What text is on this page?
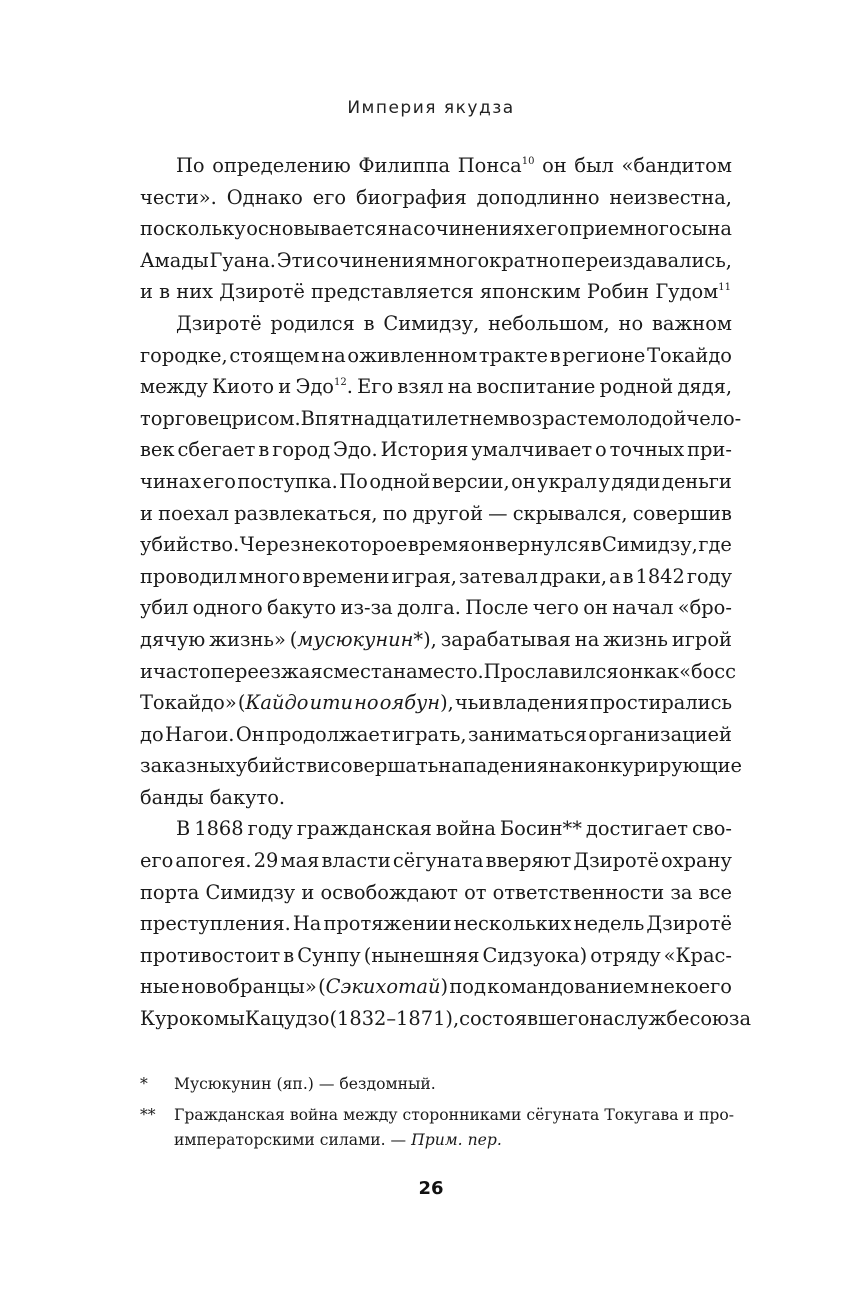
Империя якудза
По определению Филиппа Понса$^{10}$ он был «бандитом
чести». Однако его биография доподлинно неизвестна,
поскольку основывается на сочинениях его приемного сына
Амады Гуана. Эти сочинения многократно переиздавались,
и в них Дзиротё представляется японским Робин Гудом$^{11}$
Дзиротё родился в Симидзу, небольшом, но важном
городке, стоящем на оживленном тракте в регионе Токайдо
между Киото и Эдо$^{12}$. Его взял на воспитание родной дядя,
торговец рисом. В пятнадцатилетнем возрасте молодой чело-
век сбегает в город Эдо. История умалчивает о точных при-
чинах его поступка. По одной версии, он украл у дяди деньги
и поехал развлекаться, по другой — скрывался, совершив
убийство. Через некоторое время он вернулся в Симидзу, где
проводил много времени играя, затевал драки, а в 1842 году
убил одного бакуто из-за долга. После чего он начал «бро-
дячую жизнь» (мусюкунин*), зарабатывая на жизнь игрой
и часто переезжая с места на место. Прославился он как «босс
Токайдо» (Кайдо ити но оябун), чьи владения простирались
до Нагои. Он продолжает играть, заниматься организацией
заказных убийств и совершать нападения на конкурирующие
банды бакуто.
В 1868 году гражданская война Босин** достигает сво-
его апогея. 29 мая власти сёгуната вверяют Дзиротё охрану
порта Симидзу и освобождают от ответственности за все
преступления. На протяжении нескольких недель Дзиротё
противостоит в Сунпу (нынешняя Сидзуока) отряду «Крас-
ные новобранцы» (Сэкихотай) под командованием некоего
Курокомы Кацудзо (1832–1871), состоявшего на службе союза
*	Мусюкунин (яп.) — бездомный.
**	Гражданская война между сторонниками сёгуната Токугава и проимператорскими силами. — Прим. пер.
26
